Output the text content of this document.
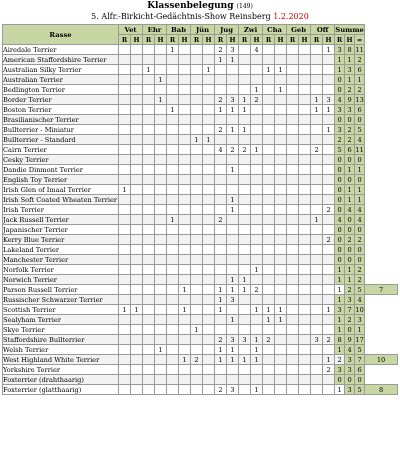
Klassenbelegung (149)
5. Alfr.-Birkicht-Gedächtnis-Show Reinsberg 1.2.2020
Rasse	Vet		Ehr		Bab		Jün		Jug		Zwi		Cha		Geb		Off		Summe			
	R	H	R	H	R	H	R	H	R	H	R	H	R	H	R	H	R	H	R	H	=	
Airedale Terrier					1				2	3		4						1	3	8	11	
American Staffordshire Terrier									1	1									1	1	2	
Australian Silky Terrier			1					1					1	1					1	3	6	
Australian Terrier				1															0	1	1	
Bedlington Terrier												1		1					0	2	2	
Border Terrier				1					2	3	1	2					1	3	4	9	13	
Boston Terrier					1				1	1	1						1	1	3	3	6	
Brasilianischer Terrier																			0	0	0	
Bullterrier - Miniatur									2	1	1							1	3	2	5	
Bullterrier - Standard							1	1											2	2	4	
Cairn Terrier									4	2	2	1					2		5	6	11	
Cesky Terrier																			0	0	0	
Dandie Dinmont Terrier										1									0	1	1	
English Toy Terrier																			0	0	0	
Irish Glen of Imaal Terrier	1																		0	1	1	
Irish Soft Coated Wheaten Terrier										1									0	1	1	
Irish Terrier										1								2	0	4	4	
Jack Russell Terrier					1				2								1		4	0	4	
Japanischer Terrier																			0	0	0	
Kerry Blue Terrier																		2	0	2	2	
Lakeland Terrier																			0	0	0	
Manchester Terrier																			0	0	0	
Norfolk Terrier												1							1	1	2	
Norwich Terrier										1	1								1	1	2	
Parson Russell Terrier						1			1	1	1	2							1	2	5	7
Russischer Schwarzer Terrier									1	3									1	3	4	
Scottish Terrier	1	1				1			1			1	1	1				1	3	7	10	
Sealyham Terrier										1			1	1					1	2	3	
Skye Terrier							1												1	0	1	
Staffordshire Bullterrier									2	3	3	1	2				3	2	8	9	17	
Welsh Terrier				1					1	1		1							1	4	5	
West Highland White Terrier						1	2		1	1	1	1						1	2	3	7	10
Yorkshire Terrier																		2	3	3	6	
Foxterrier (drahthaarig)																			0	0	0	
Foxterrier (glatthaarig)									2	3		1							1	3	5	8
